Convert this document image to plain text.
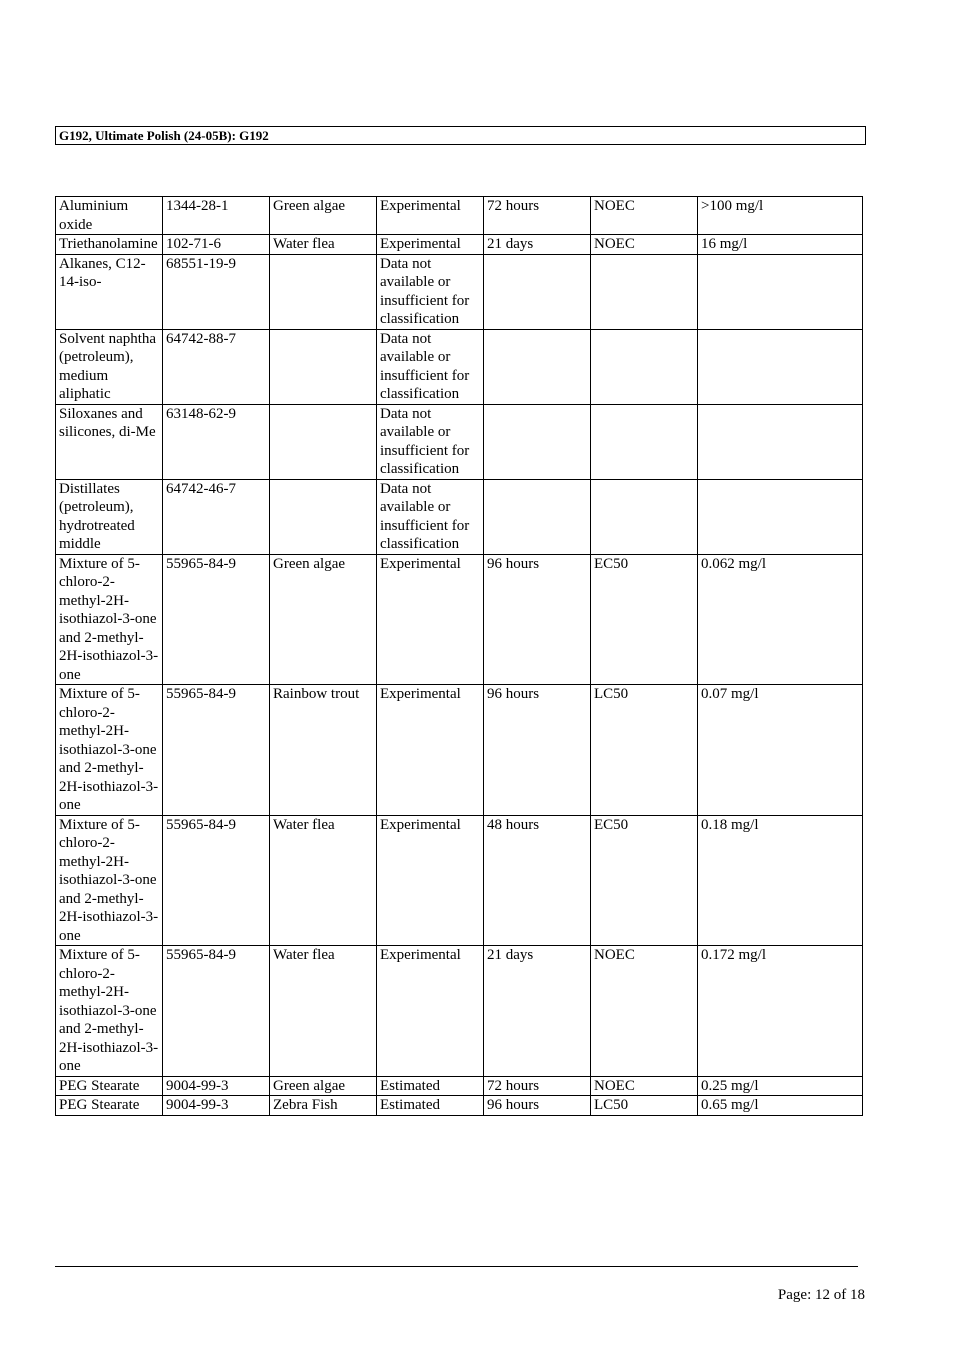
G192, Ultimate Polish (24-05B): G192
Aluminium oxide	1344-28-1	Green algae	Experimental	72 hours	NOEC	>100 mg/l
Triethanolamine	102-71-6	Water flea	Experimental	21 days	NOEC	16 mg/l
Alkanes, C12-14-iso-	68551-19-9		Data not available or insufficient for classification			
Solvent naphtha (petroleum), medium aliphatic	64742-88-7		Data not available or insufficient for classification			
Siloxanes and silicones, di-Me	63148-62-9		Data not available or insufficient for classification			
Distillates (petroleum), hydrotreated middle	64742-46-7		Data not available or insufficient for classification			
Mixture of 5-chloro-2-methyl-2H-isothiazol-3-one and 2-methyl-2H-isothiazol-3-one	55965-84-9	Green algae	Experimental	96 hours	EC50	0.062 mg/l
Mixture of 5-chloro-2-methyl-2H-isothiazol-3-one and 2-methyl-2H-isothiazol-3-one	55965-84-9	Rainbow trout	Experimental	96 hours	LC50	0.07 mg/l
Mixture of 5-chloro-2-methyl-2H-isothiazol-3-one and 2-methyl-2H-isothiazol-3-one	55965-84-9	Water flea	Experimental	48 hours	EC50	0.18 mg/l
Mixture of 5-chloro-2-methyl-2H-isothiazol-3-one and 2-methyl-2H-isothiazol-3-one	55965-84-9	Water flea	Experimental	21 days	NOEC	0.172 mg/l
PEG Stearate	9004-99-3	Green algae	Estimated	72 hours	NOEC	0.25 mg/l
PEG Stearate	9004-99-3	Zebra Fish	Estimated	96 hours	LC50	0.65 mg/l
Page: 12 of 18
